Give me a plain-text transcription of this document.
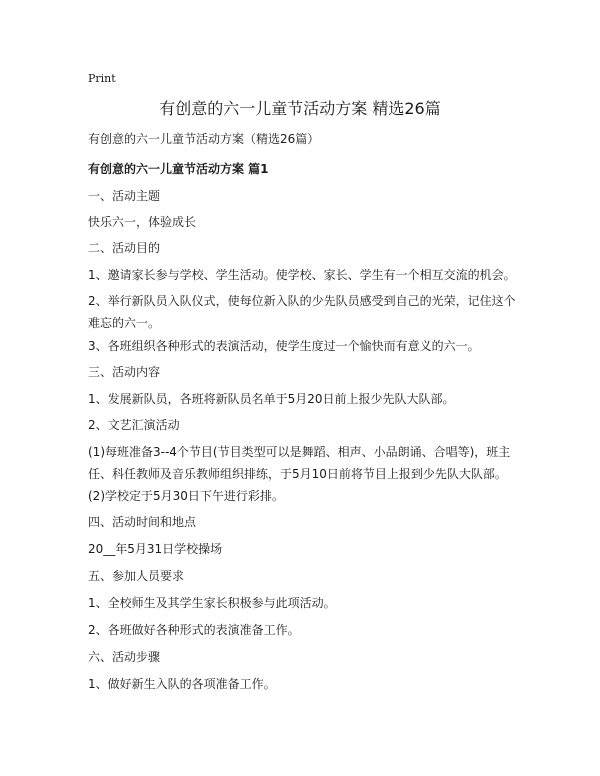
Print
有创意的六一儿童节活动方案 精选26篇
有创意的六一儿童节活动方案（精选26篇）
有创意的六一儿童节活动方案 篇1
一、活动主题
快乐六一，体验成长
二、活动目的
1、邀请家长参与学校、学生活动。使学校、家长、学生有一个相互交流的机会。
2、举行新队员入队仪式，使每位新入队的少先队员感受到自己的光荣，记住这个难忘的六一。
3、各班组织各种形式的表演活动，使学生度过一个愉快而有意义的六一。
三、活动内容
1、发展新队员，各班将新队员名单于5月20日前上报少先队大队部。
2、文艺汇演活动
(1)每班准备3--4个节目(节目类型可以是舞蹈、相声、小品朗诵、合唱等)，班主任、科任教师及音乐教师组织排练，于5月10日前将节目上报到少先队大队部。
(2)学校定于5月30日下午进行彩排。
四、活动时间和地点
20__年5月31日学校操场
五、参加人员要求
1、全校师生及其学生家长积极参与此项活动。
2、各班做好各种形式的表演准备工作。
六、活动步骤
1、做好新生入队的各项准备工作。
